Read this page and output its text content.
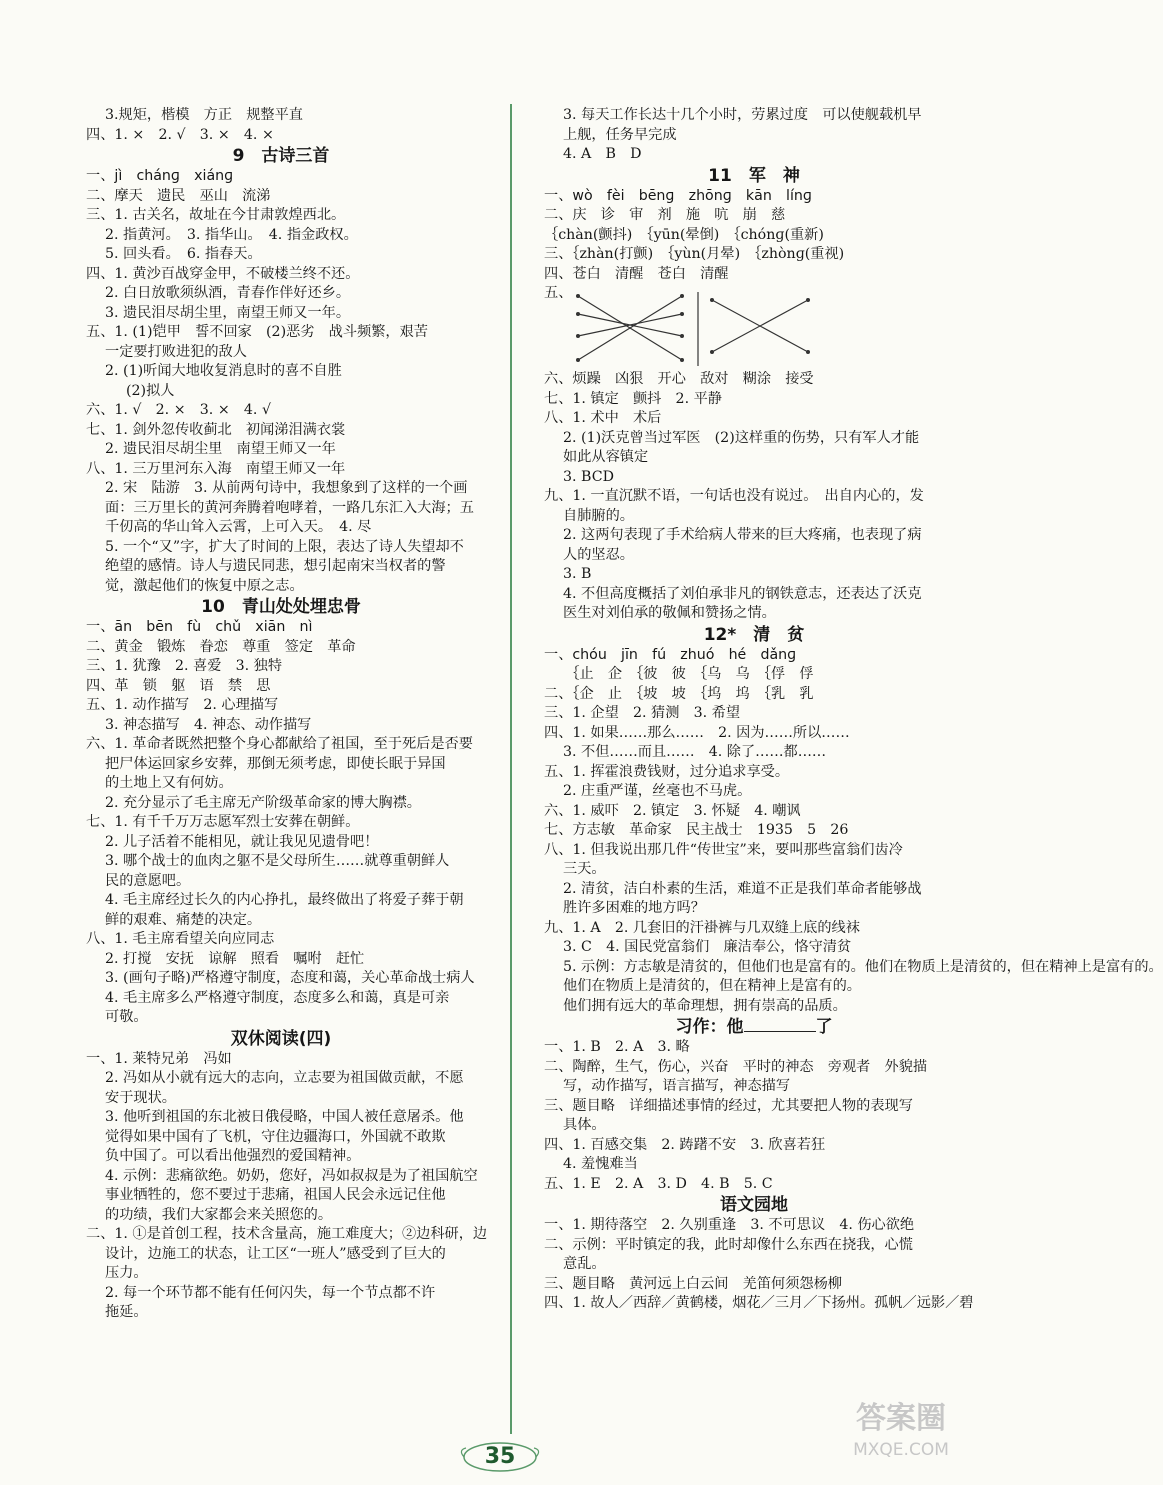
3.规矩，楷模　方正　规整平直
四、1. ×　2. √　3. ×　4. ×
9　古诗三首
一、jì　chánɡ　xiánɡ
二、摩天　遗民　巫山　流涕
三、1. 古关名，故址在今甘肃敦煌西北。
2. 指黄河。　3. 指华山。　4. 指金政权。
5. 回头看。　6. 指春天。
四、1. 黄沙百战穿金甲，不破楼兰终不还。
2. 白日放歌须纵酒，青春作伴好还乡。
3. 遗民泪尽胡尘里，南望王师又一年。
五、1. (1)铠甲　誓不回家　(2)恶劣　战斗频繁，艰苦
一定要打败进犯的敌人
2. (1)听闻大地收复消息时的喜不自胜
(2)拟人
六、1. √　2. ×　3. ×　4. √
七、1. 剑外忽传收蓟北　初闻涕泪满衣裳
2. 遗民泪尽胡尘里　南望王师又一年
八、1. 三万里河东入海　南望王师又一年
2. 宋　陆游　3. 从前两句诗中，我想象到了这样的一个画
面：三万里长的黄河奔腾着咆哮着，一路几东汇入大海；五
千仞高的华山耸入云霄，上可入天。　4. 尽
5. 一个“又”字，扩大了时间的上限，表达了诗人失望却不
绝望的感情。诗人与遗民同悲，想引起南宋当权者的警
觉，激起他们的恢复中原之志。
10　青山处处埋忠骨
一、ān　bēn　fù　chǔ　xiān　nì
二、黄金　锻炼　眷恋　尊重　签定　革命
三、1. 犹豫　2. 喜爱　3. 独特
四、革　锁　躯　语　禁　思
五、1. 动作描写　2. 心理描写
3. 神态描写　4. 神态、动作描写
六、1. 革命者既然把整个身心都献给了祖国，至于死后是否要
把尸体运回家乡安葬，那倒无须考虑，即使长眠于异国
的土地上又有何妨。
2. 充分显示了毛主席无产阶级革命家的博大胸襟。
七、1. 有千千万万志愿军烈士安葬在朝鲜。
2. 儿子活着不能相见，就让我见见遗骨吧！
3. 哪个战士的血肉之躯不是父母所生……就尊重朝鲜人
民的意愿吧。
4. 毛主席经过长久的内心挣扎，最终做出了将爱子葬于朝
鲜的艰难、痛楚的决定。
八、1. 毛主席看望关向应同志
2. 打搅　安抚　谅解　照看　嘱咐　赶忙
3. (画句子略)严格遵守制度，态度和蔼，关心革命战士病人
4. 毛主席多么严格遵守制度，态度多么和蔼，真是可亲
可敬。
双休阅读(四)
一、1. 莱特兄弟　冯如
2. 冯如从小就有远大的志向，立志要为祖国做贡献，不愿
安于现状。
3. 他听到祖国的东北被日俄侵略，中国人被任意屠杀。他
觉得如果中国有了飞机，守住边疆海口，外国就不敢欺
负中国了。可以看出他强烈的爱国精神。
4. 示例：悲痛欲绝。奶奶，您好，冯如叔叔是为了祖国航空
事业牺牲的，您不要过于悲痛，祖国人民会永远记住他
的功绩，我们大家都会来关照您的。
二、1. ①是首创工程，技术含量高，施工难度大；②边科研，边
设计，边施工的状态，让工区“一班人”感受到了巨大的
压力。
2. 每一个环节都不能有任何闪失，每一个节点都不许
拖延。
3. 每天工作长达十几个小时，劳累过度　可以使舰载机早
上舰，任务早完成
4. A　B　D
11　军　神
一、wò　fèi　bēnɡ　zhōnɡ　kān　línɡ
二、庆　诊　审　剂　施　吭　崩　慈
｛chàn(颤抖)　｛yūn(晕倒)　｛chónɡ(重新)
三、｛zhàn(打颤)　｛yùn(月晕)　｛zhònɡ(重视)
四、苍白　清醒　苍白　清醒
五、
六、烦躁　凶狠　开心　敌对　糊涂　接受
七、1. 镇定　颤抖　2. 平静
八、1. 术中　术后
2. (1)沃克曾当过军医　(2)这样重的伤势，只有军人才能
如此从容镇定
3. BCD
九、1. 一直沉默不语，一句话也没有说过。　出自内心的，发
自肺腑的。
2. 这两句表现了手术给病人带来的巨大疼痛，也表现了病
人的坚忍。
3. B
4. 不但高度概括了刘伯承非凡的钢铁意志，还表达了沃克
医生对刘伯承的敬佩和赞扬之情。
12*　清　贫
一、chóu　jīn　fú　zhuó　hé　dǎnɡ
　　｛止　企　｛彼　彼　｛乌　乌　｛俘　俘
二、｛企　止　｛坡　坡　｛坞　坞　｛乳　乳
三、1. 企望　2. 猜测　3. 希望
四、1. 如果……那么……　2. 因为……所以……
3. 不但……而且……　4. 除了……都……
五、1. 挥霍浪费钱财，过分追求享受。
2. 庄重严谨，丝毫也不马虎。
六、1. 威吓　2. 镇定　3. 怀疑　4. 嘲讽
七、方志敏　革命家　民主战士　1935　5　26
八、1. 但我说出那几件“传世宝”来，要叫那些富翁们齿冷
三天。
2. 清贫，洁白朴素的生活，难道不正是我们革命者能够战
胜许多困难的地方吗？
九、1. A　2. 几套旧的汗褂裤与几双缝上底的线袜
3. C　4. 国民党富翁们　廉洁奉公，恪守清贫
5. 示例：方志敏是清贫的，但他们也是富有的。他们在物质上是清贫的，但在精神上是富有的。
他们在物质上是清贫的，但在精神上是富有的。
他们拥有远大的革命理想，拥有崇高的品质。
习作：他	了
一、1. B　2. A　3. 略
二、陶醉，生气，伤心，兴奋　平时的神态　旁观者　外貌描
写，动作描写，语言描写，神态描写
三、题目略　详细描述事情的经过，尤其要把人物的表现写
具体。
四、1. 百感交集　2. 踌躇不安　3. 欣喜若狂
4. 羞愧难当
五、1. E　2. A　3. D　4. B　5. C
语文园地
一、1. 期待落空　2. 久别重逢　3. 不可思议　4. 伤心欲绝
二、示例：平时镇定的我，此时却像什么东西在挠我，心慌
意乱。
三、题目略　黄河远上白云间　羌笛何须怨杨柳
四、1. 故人／西辞／黄鹤楼，烟花／三月／下扬州。孤帆／远影／碧
35
答案圈
MXQE.COM
